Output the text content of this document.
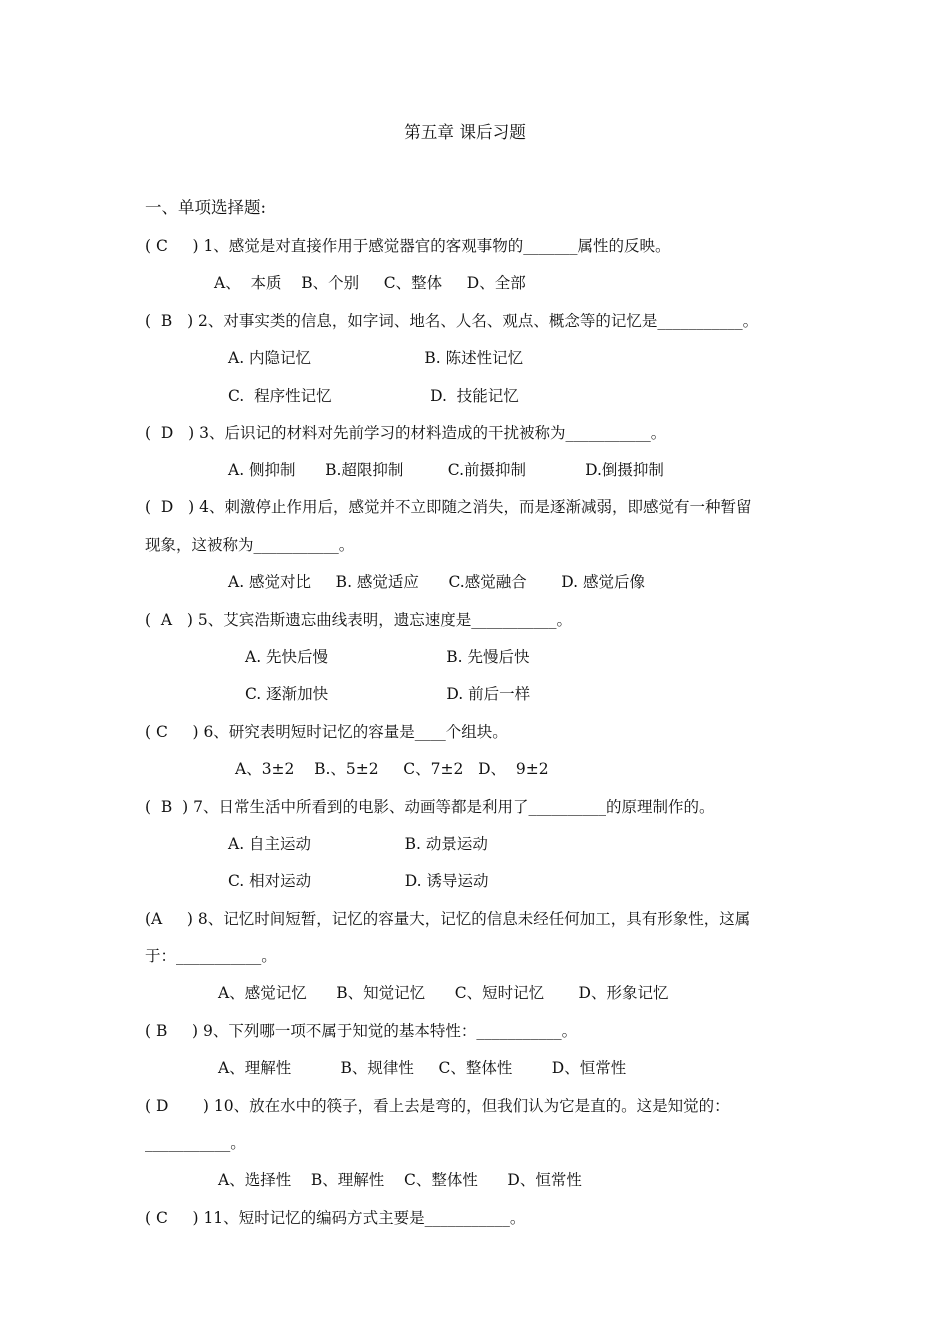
第五章 课后习题
一、单项选择题:
( C     ) 1、感觉是对直接作用于感觉器官的客观事物的_______属性的反映。
A、  本质    B、个别     C、整体     D、全部
(  B   ) 2、对事实类的信息，如字词、地名、人名、观点、概念等的记忆是___________。
A. 内隐记忆                       B. 陈述性记忆
C.  程序性记忆                    D.  技能记忆
(  D   ) 3、后识记的材料对先前学习的材料造成的干扰被称为___________。
A. 侧抑制      B.超限抑制         C.前摄抑制            D.倒摄抑制
(  D   ) 4、刺激停止作用后，感觉并不立即随之消失，而是逐渐减弱，即感觉有一种暂留
现象，这被称为___________。
A. 感觉对比     B. 感觉适应      C.感觉融合       D. 感觉后像
(  A   ) 5、艾宾浩斯遗忘曲线表明，遗忘速度是___________。
A. 先快后慢                        B. 先慢后快
C. 逐渐加快                        D. 前后一样
( C     ) 6、研究表明短时记忆的容量是____个组块。
A、3±2    B.、5±2     C、7±2   D、  9±2
(  B  ) 7、日常生活中所看到的电影、动画等都是利用了__________的原理制作的。
A. 自主运动                   B. 动景运动
C. 相对运动                   D. 诱导运动
(A     ) 8、记忆时间短暂，记忆的容量大，记忆的信息未经任何加工，具有形象性，这属
于：___________。
A、感觉记忆      B、知觉记忆      C、短时记忆       D、形象记忆
( B     ) 9、下列哪一项不属于知觉的基本特性：___________。
A、理解性          B、规律性     C、整体性        D、恒常性
( D       ) 10、放在水中的筷子，看上去是弯的，但我们认为它是直的。这是知觉的：
___________。
A、选择性    B、理解性    C、整体性      D、恒常性
( C     ) 11、短时记忆的编码方式主要是___________。
